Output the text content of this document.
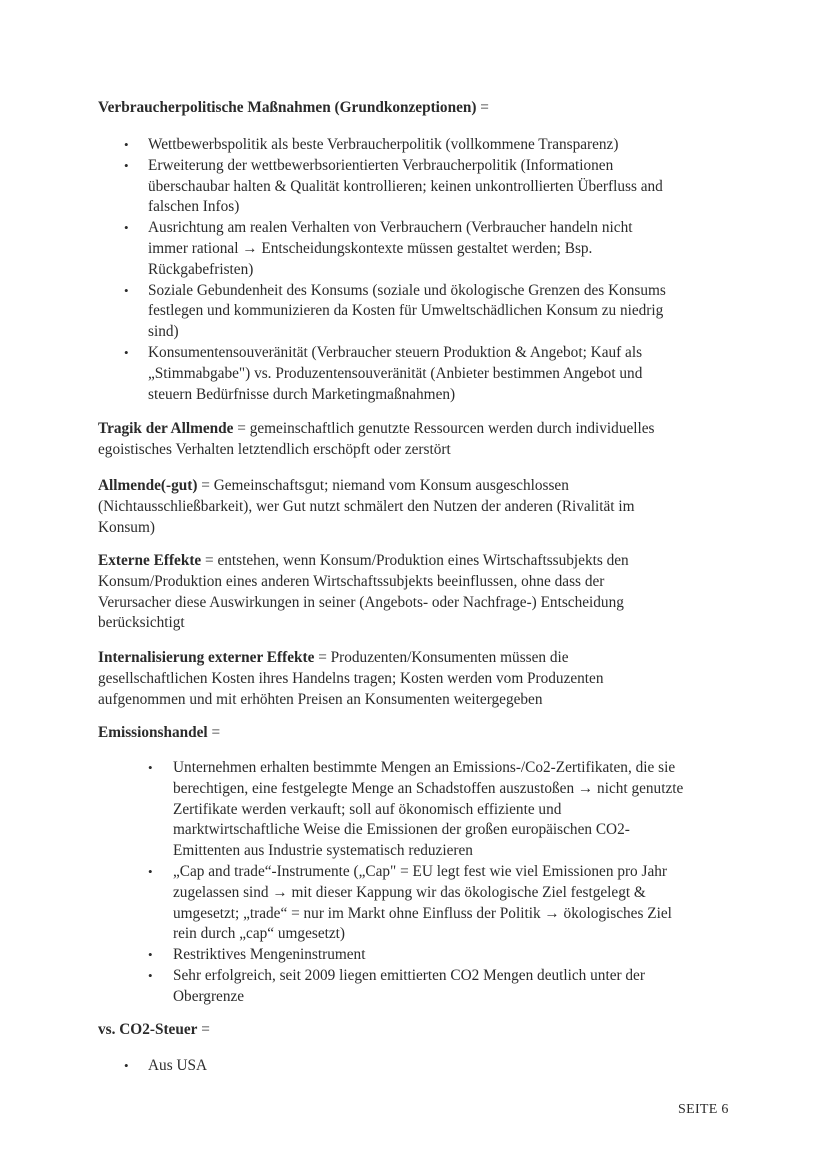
Verbraucherpolitische Maßnahmen (Grundkonzeptionen) =
• Wettbewerbspolitik als beste Verbraucherpolitik (vollkommene Transparenz)
• Erweiterung der wettbewerbsorientierten Verbraucherpolitik (Informationen
überschaubar halten & Qualität kontrollieren; keinen unkontrollierten Überfluss and
falschen Infos)
• Ausrichtung am realen Verhalten von Verbrauchern (Verbraucher handeln nicht
immer rational → Entscheidungskontexte müssen gestaltet werden; Bsp.
Rückgabefristen)
• Soziale Gebundenheit des Konsums (soziale und ökologische Grenzen des Konsums
festlegen und kommunizieren da Kosten für Umweltschädlichen Konsum zu niedrig
sind)
• Konsumentensouveränität (Verbraucher steuern Produktion & Angebot; Kauf als
„Stimmabgabe") vs. Produzentensouveränität (Anbieter bestimmen Angebot und
steuern Bedürfnisse durch Marketingmaßnahmen)
Tragik der Allmende = gemeinschaftlich genutzte Ressourcen werden durch individuelles
egoistisches Verhalten letztendlich erschöpft oder zerstört
Allmende(-gut) = Gemeinschaftsgut; niemand vom Konsum ausgeschlossen
(Nichtausschließbarkeit), wer Gut nutzt schmälert den Nutzen der anderen (Rivalität im
Konsum)
Externe Effekte = entstehen, wenn Konsum/Produktion eines Wirtschaftssubjekts den
Konsum/Produktion eines anderen Wirtschaftssubjekts beeinflussen, ohne dass der
Verursacher diese Auswirkungen in seiner (Angebots- oder Nachfrage-) Entscheidung
berücksichtigt
Internalisierung externer Effekte = Produzenten/Konsumenten müssen die
gesellschaftlichen Kosten ihres Handelns tragen; Kosten werden vom Produzenten
aufgenommen und mit erhöhten Preisen an Konsumenten weitergegeben
Emissionshandel =
• Unternehmen erhalten bestimmte Mengen an Emissions-/Co2-Zertifikaten, die sie
berechtigen, eine festgelegte Menge an Schadstoffen auszustoßen → nicht genutzte
Zertifikate werden verkauft; soll auf ökonomisch effiziente und
marktwirtschaftliche Weise die Emissionen der großen europäischen CO2-
Emittenten aus Industrie systematisch reduzieren
• „Cap and trade“-Instrumente („Cap" = EU legt fest wie viel Emissionen pro Jahr
zugelassen sind → mit dieser Kappung wir das ökologische Ziel festgelegt &
umgesetzt; „trade“ = nur im Markt ohne Einfluss der Politik → ökologisches Ziel
rein durch „cap“ umgesetzt)
• Restriktives Mengeninstrument
• Sehr erfolgreich, seit 2009 liegen emittierten CO2 Mengen deutlich unter der
Obergrenze
vs. CO2-Steuer =
• Aus USA
SEITE 6
